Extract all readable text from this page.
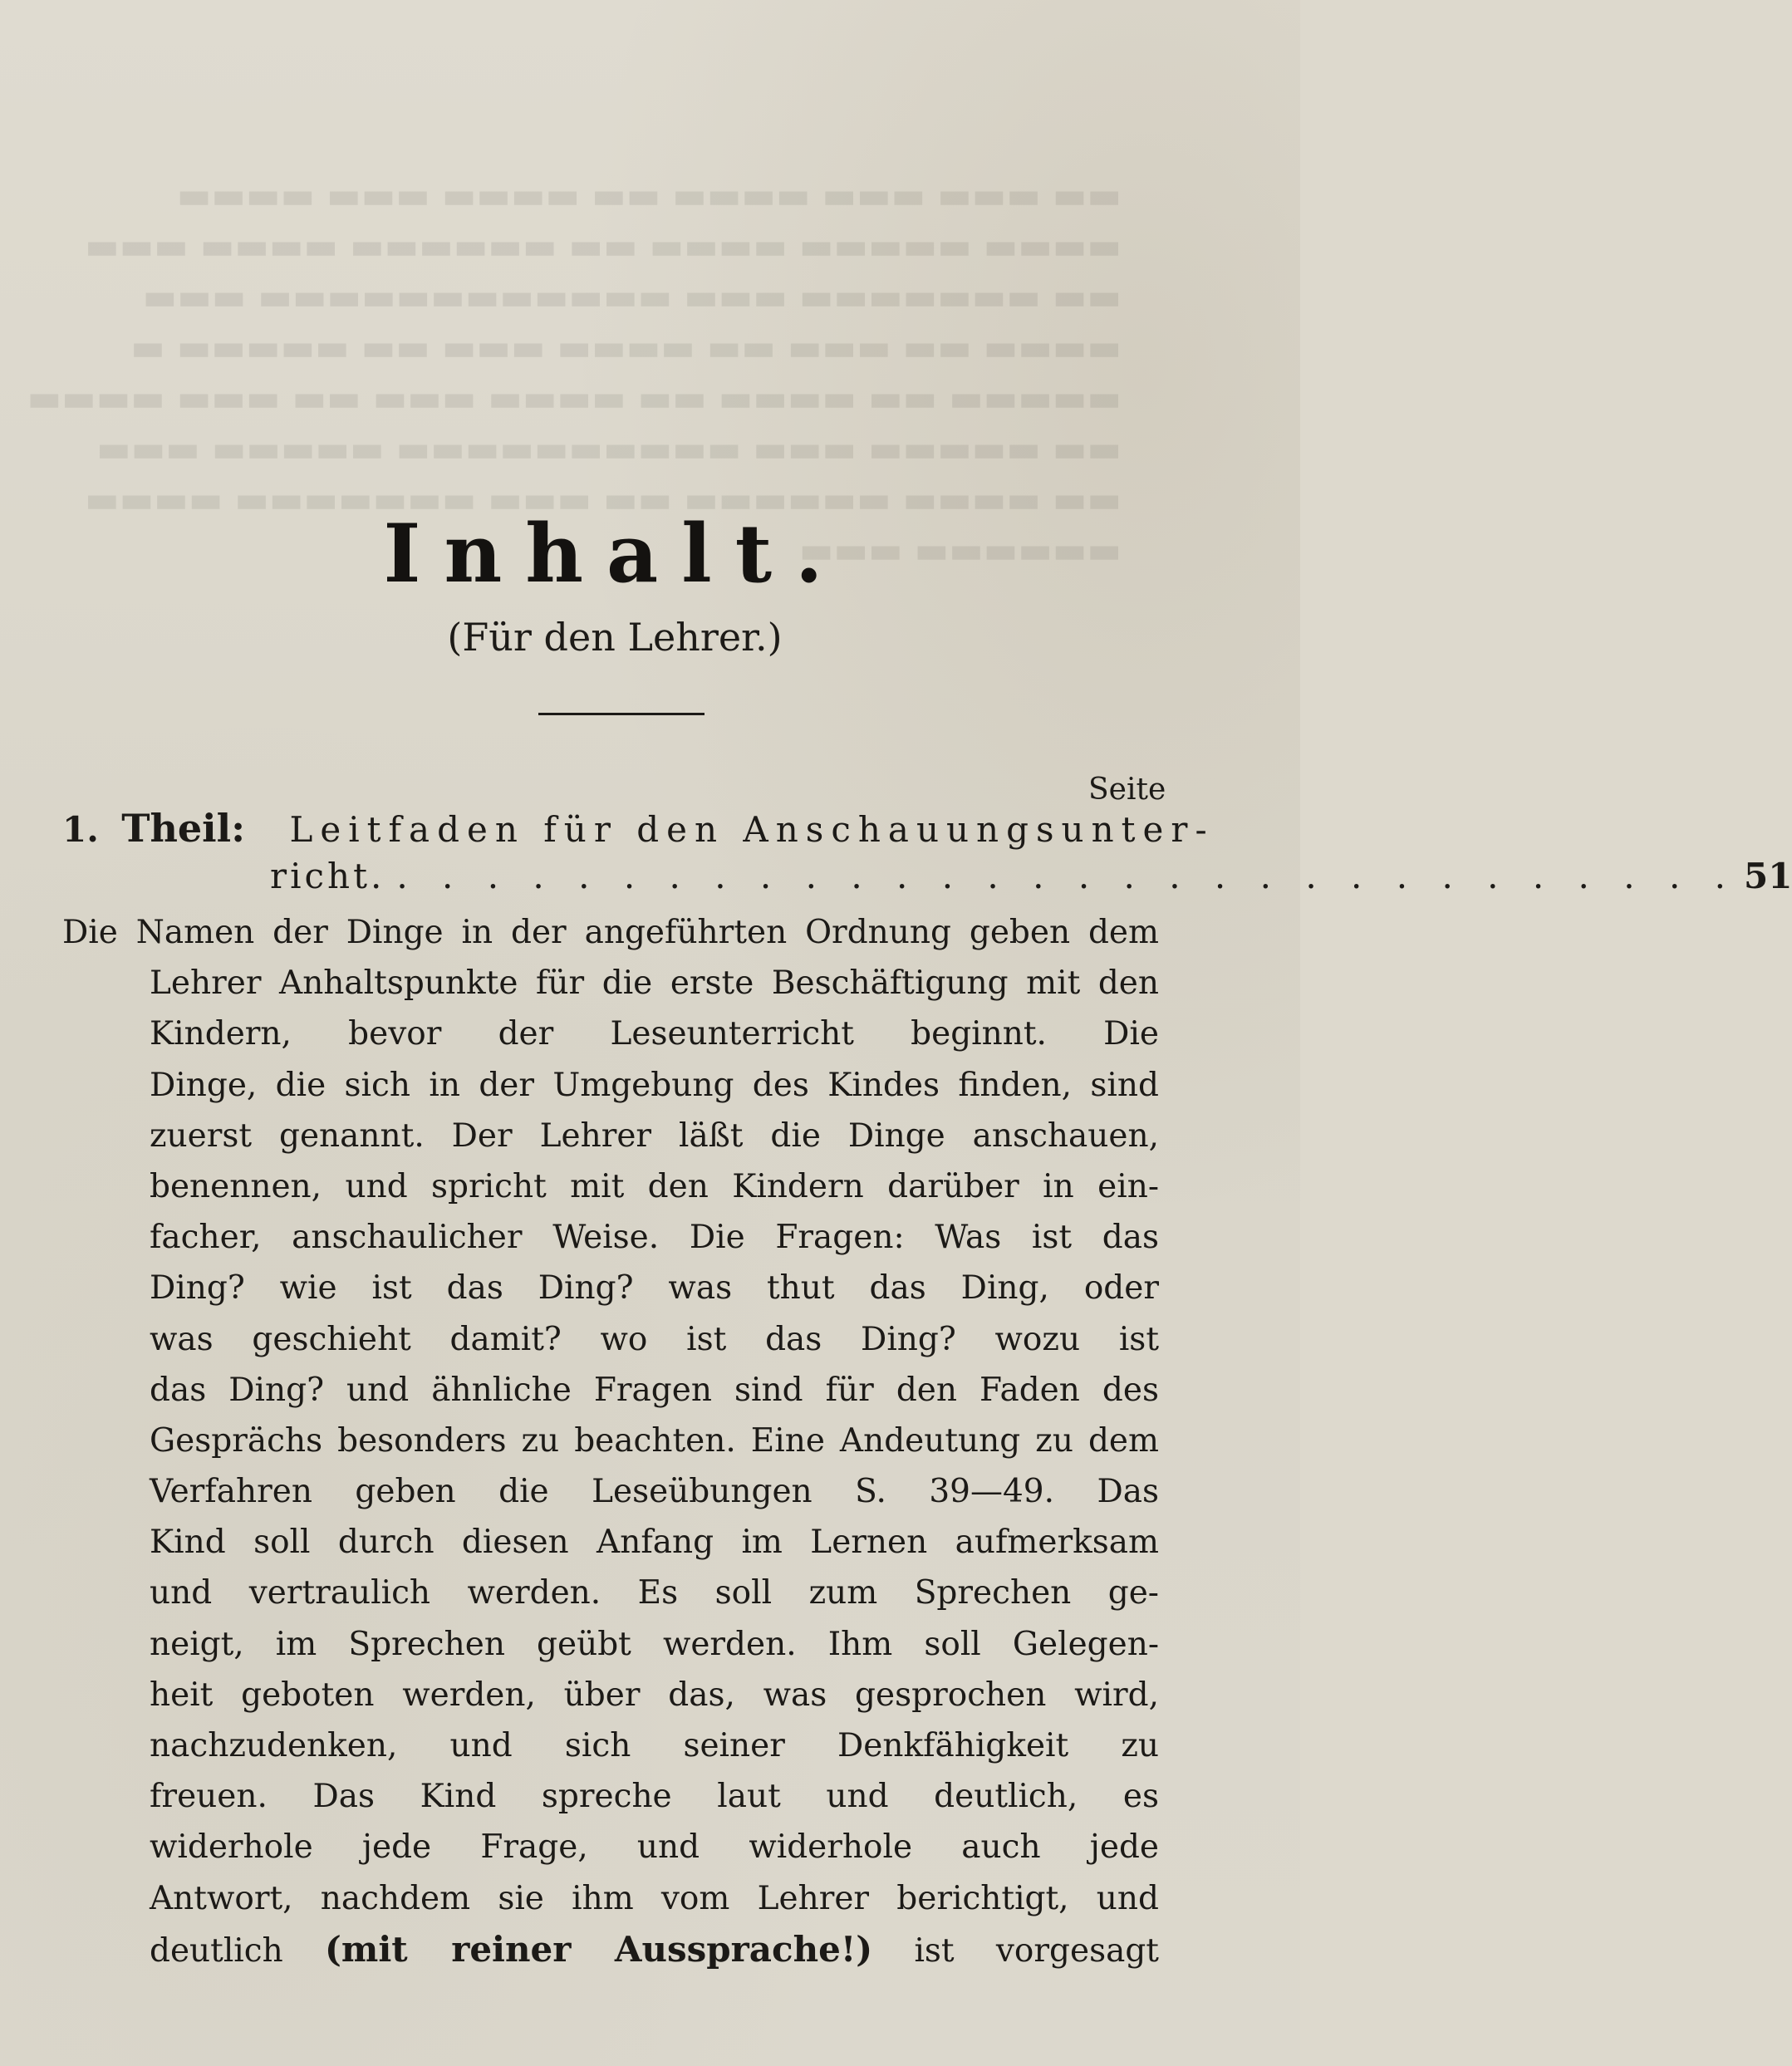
▬▬ ▬▬▬ ▬▬▬ ▬▬▬▬ ▬▬ ▬▬▬▬ ▬▬▬ ▬▬▬▬
▬▬▬▬ ▬▬▬▬▬ ▬▬▬▬ ▬▬ ▬▬▬▬▬▬ ▬▬▬▬ ▬▬▬
▬▬ ▬▬▬▬▬▬▬ ▬▬▬ ▬▬▬▬▬▬▬▬▬▬▬▬ ▬▬▬
▬▬▬▬ ▬▬ ▬▬▬ ▬▬ ▬▬▬▬ ▬▬▬ ▬▬ ▬▬▬▬▬ ▬
▬▬▬▬▬ ▬▬ ▬▬▬▬ ▬▬ ▬▬▬▬ ▬▬▬ ▬▬ ▬▬▬ ▬▬▬▬
▬▬ ▬▬▬▬▬ ▬▬▬ ▬▬▬▬▬▬▬▬▬▬ ▬▬▬▬▬ ▬▬▬
▬▬ ▬▬▬▬ ▬▬▬▬▬▬ ▬▬ ▬▬▬ ▬▬▬▬▬▬▬ ▬▬▬▬
▬▬▬▬▬▬ ▬▬▬
Inhalt.
(Für den Lehrer.)
Seite
1. Theil: Leitfaden für den Anschauungsunter-
richt. . . . . . . . . . . . . . . . . . . . . . . . . . . . . . . 51
Die Namen der Dinge in der angeführten Ordnung geben dem
Lehrer Anhaltspunkte für die erste Beschäftigung mit den
Kindern, bevor der Leseunterricht beginnt. Die
Dinge, die sich in der Umgebung des Kindes finden, sind
zuerst genannt. Der Lehrer läßt die Dinge anschauen,
benennen, und spricht mit den Kindern darüber in ein-
facher, anschaulicher Weise. Die Fragen: Was ist das
Ding? wie ist das Ding? was thut das Ding, oder
was geschieht damit? wo ist das Ding? wozu ist
das Ding? und ähnliche Fragen sind für den Faden des
Gesprächs besonders zu beachten. Eine Andeutung zu dem
Verfahren geben die Leseübungen S. 39—49. Das
Kind soll durch diesen Anfang im Lernen aufmerksam
und vertraulich werden. Es soll zum Sprechen ge-
neigt, im Sprechen geübt werden. Ihm soll Gelegen-
heit geboten werden, über das, was gesprochen wird,
nachzudenken, und sich seiner Denkfähigkeit zu
freuen. Das Kind spreche laut und deutlich, es
widerhole jede Frage, und widerhole auch jede
Antwort, nachdem sie ihm vom Lehrer berichtigt, und
deutlich (mit reiner Aussprache!) ist vorgesagt
